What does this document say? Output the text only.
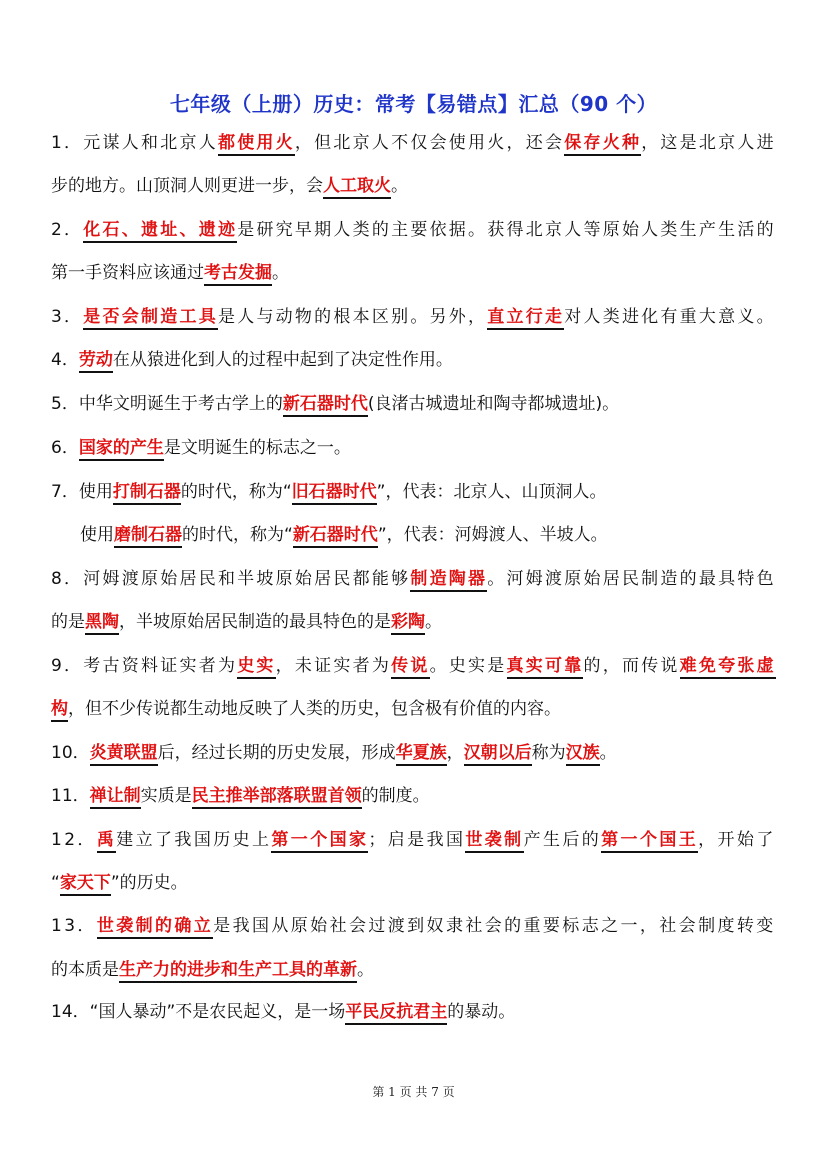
七年级（上册）历史：常考【易错点】汇总（90 个）
1．元谋人和北京人都使用火，但北京人不仅会使用火，还会保存火种，这是北京人进
步的地方。山顶洞人则更进一步，会人工取火。
2．化石、遗址、遗迹是研究早期人类的主要依据。获得北京人等原始人类生产生活的
第一手资料应该通过考古发掘。
3．是否会制造工具是人与动物的根本区别。另外，直立行走对人类进化有重大意义。
4．劳动在从猿进化到人的过程中起到了决定性作用。
5．中华文明诞生于考古学上的新石器时代(良渚古城遗址和陶寺都城遗址)。
6．国家的产生是文明诞生的标志之一。
7．使用打制石器的时代，称为“旧石器时代”，代表：北京人、山顶洞人。
使用磨制石器的时代，称为“新石器时代”，代表：河姆渡人、半坡人。
8．河姆渡原始居民和半坡原始居民都能够制造陶器。河姆渡原始居民制造的最具特色
的是黑陶，半坡原始居民制造的最具特色的是彩陶。
9．考古资料证实者为史实，未证实者为传说。史实是真实可靠的，而传说难免夸张虚
构，但不少传说都生动地反映了人类的历史，包含极有价值的内容。
10．炎黄联盟后，经过长期的历史发展，形成华夏族，汉朝以后称为汉族。
11．禅让制实质是民主推举部落联盟首领的制度。
12．禹建立了我国历史上第一个国家；启是我国世袭制产生后的第一个国王，开始了
“家天下”的历史。
13．世袭制的确立是我国从原始社会过渡到奴隶社会的重要标志之一，社会制度转变
的本质是生产力的进步和生产工具的革新。
14．“国人暴动”不是农民起义，是一场平民反抗君主的暴动。
第 1 页 共 7 页
